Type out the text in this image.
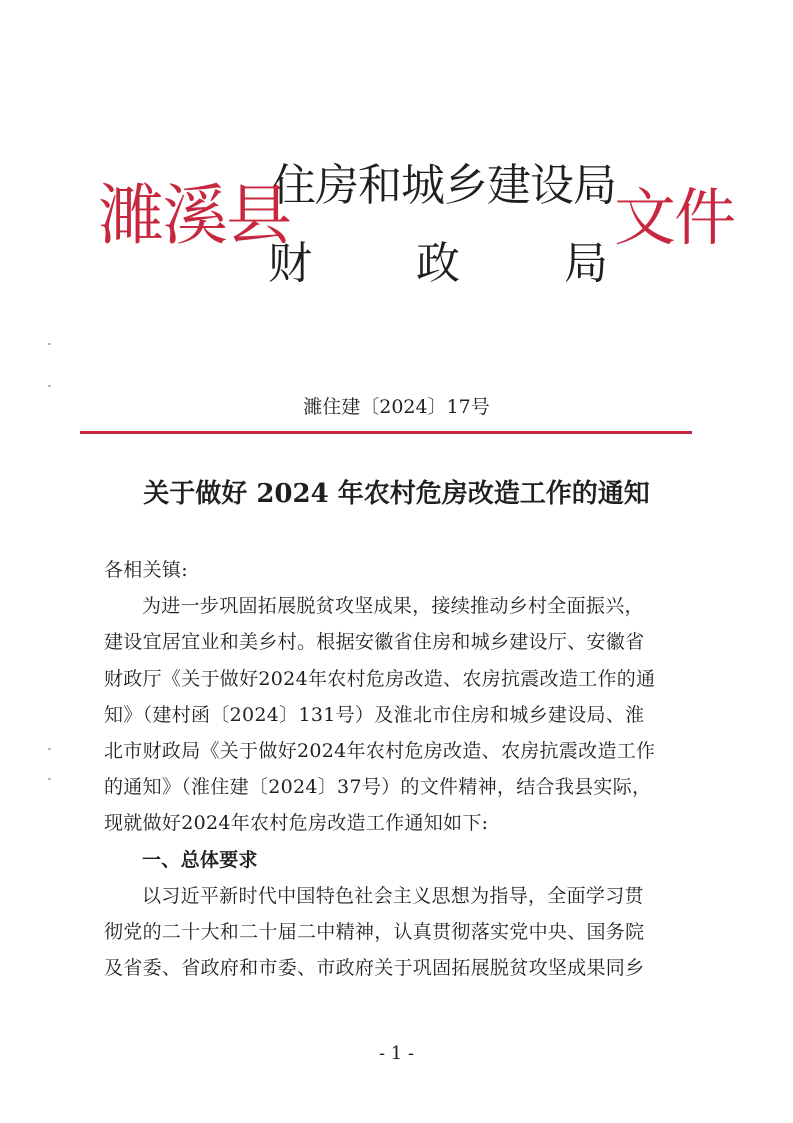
濉溪县
住房和城乡建设局
财 政 局
文件
濉住建〔2024〕17号
关于做好 2024 年农村危房改造工作的通知

各相关镇:

为进一步巩固拓展脱贫攻坚成果，接续推动乡村全面振兴，

建设宜居宜业和美乡村。根据安徽省住房和城乡建设厅、安徽省

财政厅《关于做好2024年农村危房改造、农房抗震改造工作的通

知》（建村函〔2024〕131号）及淮北市住房和城乡建设局、淮

北市财政局《关于做好2024年农村危房改造、农房抗震改造工作

的通知》（淮住建〔2024〕37号）的文件精神，结合我县实际，

现就做好2024年农村危房改造工作通知如下:

一、总体要求

以习近平新时代中国特色社会主义思想为指导，全面学习贯

彻党的二十大和二十届二中精神，认真贯彻落实党中央、国务院

及省委、省政府和市委、市政府关于巩固拓展脱贫攻坚成果同乡

- 1 -
